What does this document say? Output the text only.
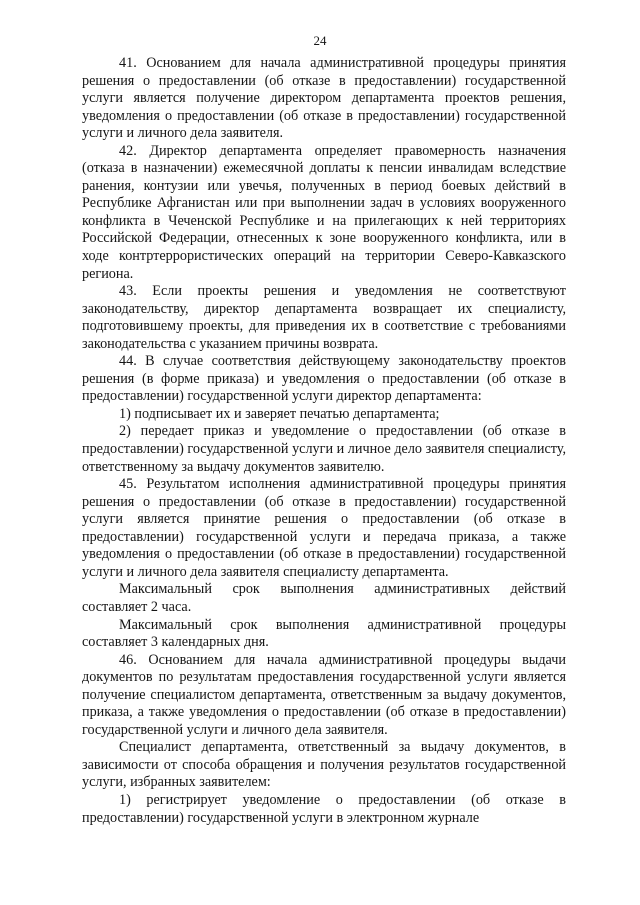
24

41. Основанием для начала административной процедуры принятия решения о предоставлении (об отказе в предоставлении) государственной услуги является получение директором департамента проектов решения, уведомления о предоставлении (об отказе в предоставлении) государственной услуги и личного дела заявителя.

42. Директор департамента определяет правомерность назначения (отказа в назначении) ежемесячной доплаты к пенсии инвалидам вследствие ранения, контузии или увечья, полученных в период боевых действий в Республике Афганистан или при выполнении задач в условиях вооруженного конфликта в Чеченской Республике и на прилегающих к ней территориях Российской Федерации, отнесенных к зоне вооруженного конфликта, или в ходе контртеррористических операций на территории Северо-Кавказского региона.

43. Если проекты решения и уведомления не соответствуют законодательству, директор департамента возвращает их специалисту, подготовившему проекты, для приведения их в соответствие с требованиями законодательства с указанием причины возврата.

44. В случае соответствия действующему законодательству проектов решения (в форме приказа) и уведомления о предоставлении (об отказе в предоставлении) государственной услуги директор департамента:

1) подписывает их и заверяет печатью департамента;

2) передает приказ и уведомление о предоставлении (об отказе в предоставлении) государственной услуги и личное дело заявителя специалисту, ответственному за выдачу документов заявителю.

45. Результатом исполнения административной процедуры принятия решения о предоставлении (об отказе в предоставлении) государственной услуги является принятие решения о предоставлении (об отказе в предоставлении) государственной услуги и передача приказа, а также уведомления о предоставлении (об отказе в предоставлении) государственной услуги и личного дела заявителя специалисту департамента.

Максимальный срок выполнения административных действий составляет 2 часа.

Максимальный срок выполнения административной процедуры составляет 3 календарных дня.

46. Основанием для начала административной процедуры выдачи документов по результатам предоставления государственной услуги является получение специалистом департамента, ответственным за выдачу документов, приказа, а также уведомления о предоставлении (об отказе в предоставлении) государственной услуги и личного дела заявителя.

Специалист департамента, ответственный за выдачу документов, в зависимости от способа обращения и получения результатов государственной услуги, избранных заявителем:

1) регистрирует уведомление о предоставлении (об отказе в предоставлении) государственной услуги в электронном журнале
